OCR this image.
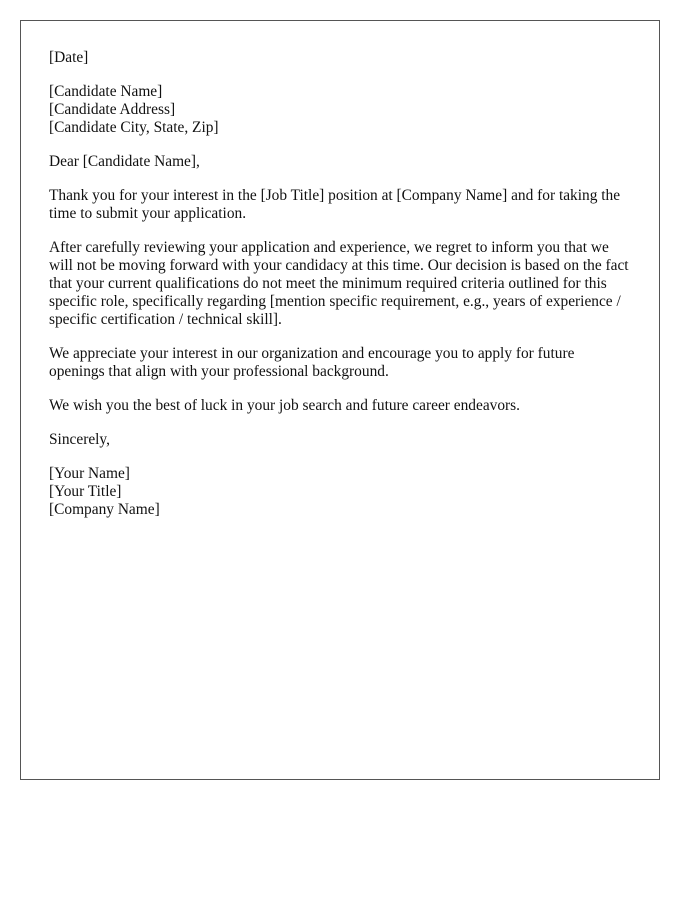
[Date]

[Candidate Name]
[Candidate Address]
[Candidate City, State, Zip]

Dear [Candidate Name],

Thank you for your interest in the [Job Title] position at [Company Name] and for taking the time to submit your application.

After carefully reviewing your application and experience, we regret to inform you that we will not be moving forward with your candidacy at this time. Our decision is based on the fact that your current qualifications do not meet the minimum required criteria outlined for this specific role, specifically regarding [mention specific requirement, e.g., years of experience / specific certification / technical skill].

We appreciate your interest in our organization and encourage you to apply for future openings that align with your professional background.

We wish you the best of luck in your job search and future career endeavors.

Sincerely,

[Your Name]
[Your Title]
[Company Name]
